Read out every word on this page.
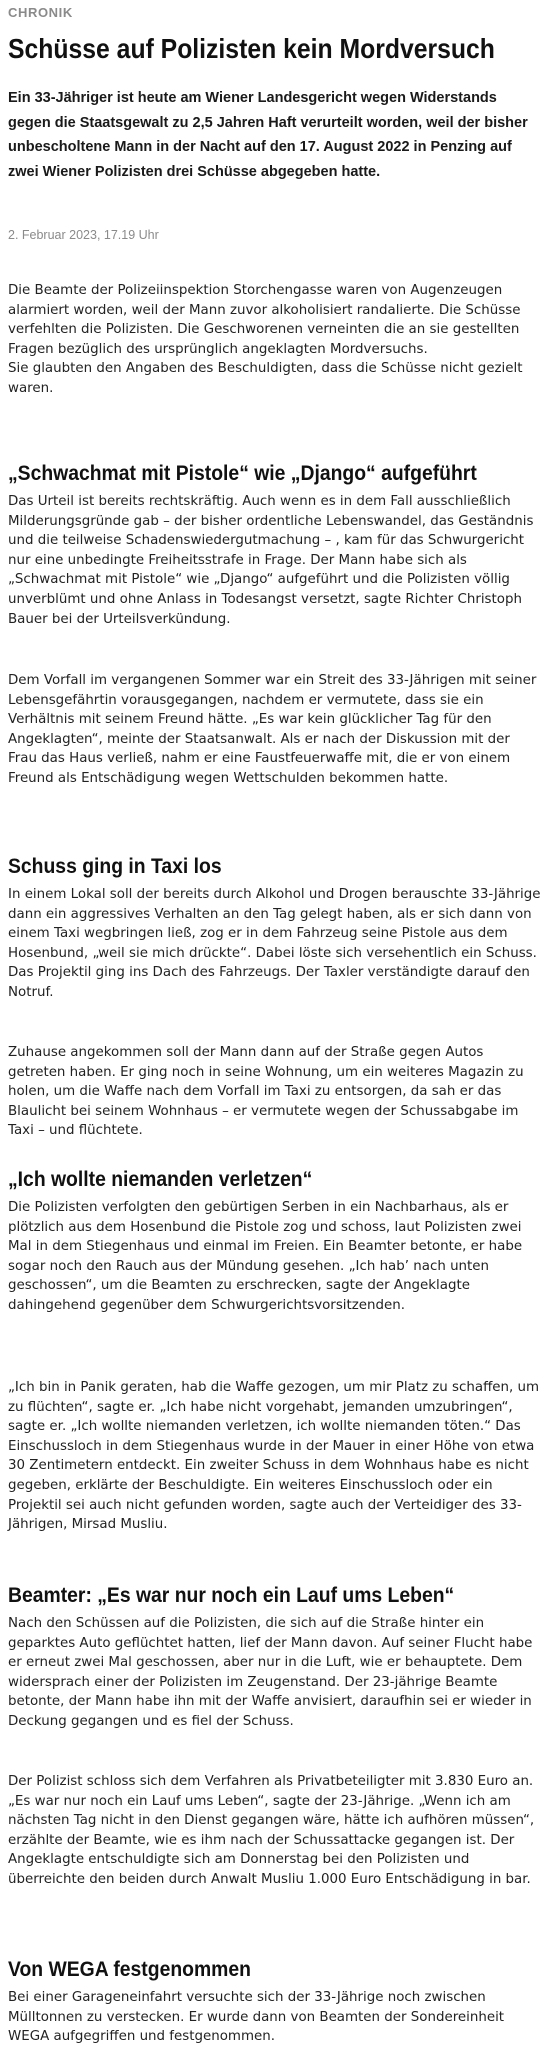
CHRONIK

Schüsse auf Polizisten kein Mordversuch

Ein 33-Jähriger ist heute am Wiener Landesgericht wegen Widerstands gegen die Staatsgewalt zu 2,5 Jahren Haft verurteilt worden, weil der bisher unbescholtene Mann in der Nacht auf den 17. August 2022 in Penzing auf zwei Wiener Polizisten drei Schüsse abgegeben hatte.

2. Februar 2023, 17.19 Uhr

Die Beamte der Polizeiinspektion Storchengasse waren von Augenzeugen alarmiert worden, weil der Mann zuvor alkoholisiert randalierte. Die Schüsse verfehlten die Polizisten. Die Geschworenen verneinten die an sie gestellten Fragen bezüglich des ursprünglich angeklagten Mordversuchs.
Sie glaubten den Angaben des Beschuldigten, dass die Schüsse nicht gezielt waren.

„Schwachmat mit Pistole“ wie „Django“ aufgeführt

Das Urteil ist bereits rechtskräftig. Auch wenn es in dem Fall ausschließlich Milderungsgründe gab – der bisher ordentliche Lebenswandel, das Geständnis und die teilweise Schadenswiedergutmachung – , kam für das Schwurgericht nur eine unbedingte Freiheitsstrafe in Frage. Der Mann habe sich als „Schwachmat mit Pistole“ wie „Django“ aufgeführt und die Polizisten völlig unverblümt und ohne Anlass in Todesangst versetzt, sagte Richter Christoph Bauer bei der Urteilsverkündung.

Dem Vorfall im vergangenen Sommer war ein Streit des 33-Jährigen mit seiner Lebensgefährtin vorausgegangen, nachdem er vermutete, dass sie ein Verhältnis mit seinem Freund hätte. „Es war kein glücklicher Tag für den Angeklagten“, meinte der Staatsanwalt. Als er nach der Diskussion mit der Frau das Haus verließ, nahm er eine Faustfeuerwaffe mit, die er von einem Freund als Entschädigung wegen Wettschulden bekommen hatte.

Schuss ging in Taxi los

In einem Lokal soll der bereits durch Alkohol und Drogen berauschte 33-Jährige dann ein aggressives Verhalten an den Tag gelegt haben, als er sich dann von einem Taxi wegbringen ließ, zog er in dem Fahrzeug seine Pistole aus dem Hosenbund, „weil sie mich drückte“. Dabei löste sich versehentlich ein Schuss. Das Projektil ging ins Dach des Fahrzeugs. Der Taxler verständigte darauf den Notruf.

Zuhause angekommen soll der Mann dann auf der Straße gegen Autos getreten haben. Er ging noch in seine Wohnung, um ein weiteres Magazin zu holen, um die Waffe nach dem Vorfall im Taxi zu entsorgen, da sah er das Blaulicht bei seinem Wohnhaus – er vermutete wegen der Schussabgabe im Taxi – und flüchtete.

„Ich wollte niemanden verletzen“

Die Polizisten verfolgten den gebürtigen Serben in ein Nachbarhaus, als er plötzlich aus dem Hosenbund die Pistole zog und schoss, laut Polizisten zwei Mal in dem Stiegenhaus und einmal im Freien. Ein Beamter betonte, er habe sogar noch den Rauch aus der Mündung gesehen. „Ich hab’ nach unten geschossen“, um die Beamten zu erschrecken, sagte der Angeklagte dahingehend gegenüber dem Schwurgerichtsvorsitzenden.

„Ich bin in Panik geraten, hab die Waffe gezogen, um mir Platz zu schaffen, um zu flüchten“, sagte er. „Ich habe nicht vorgehabt, jemanden umzubringen“, sagte er. „Ich wollte niemanden verletzen, ich wollte niemanden töten.“ Das Einschussloch in dem Stiegenhaus wurde in der Mauer in einer Höhe von etwa 30 Zentimetern entdeckt. Ein zweiter Schuss in dem Wohnhaus habe es nicht gegeben, erklärte der Beschuldigte. Ein weiteres Einschussloch oder ein Projektil sei auch nicht gefunden worden, sagte auch der Verteidiger des 33-Jährigen, Mirsad Musliu.

Beamter: „Es war nur noch ein Lauf ums Leben“

Nach den Schüssen auf die Polizisten, die sich auf die Straße hinter ein geparktes Auto geflüchtet hatten, lief der Mann davon. Auf seiner Flucht habe er erneut zwei Mal geschossen, aber nur in die Luft, wie er behauptete. Dem widersprach einer der Polizisten im Zeugenstand. Der 23-jährige Beamte betonte, der Mann habe ihn mit der Waffe anvisiert, daraufhin sei er wieder in Deckung gegangen und es fiel der Schuss.

Der Polizist schloss sich dem Verfahren als Privatbeteiligter mit 3.830 Euro an. „Es war nur noch ein Lauf ums Leben“, sagte der 23-Jährige. „Wenn ich am nächsten Tag nicht in den Dienst gegangen wäre, hätte ich aufhören müssen“, erzählte der Beamte, wie es ihm nach der Schussattacke gegangen ist. Der Angeklagte entschuldigte sich am Donnerstag bei den Polizisten und überreichte den beiden durch Anwalt Musliu 1.000 Euro Entschädigung in bar.

Von WEGA festgenommen

Bei einer Garageneinfahrt versuchte sich der 33-Jährige noch zwischen Mülltonnen zu verstecken. Er wurde dann von Beamten der Sondereinheit WEGA aufgegriffen und festgenommen.
